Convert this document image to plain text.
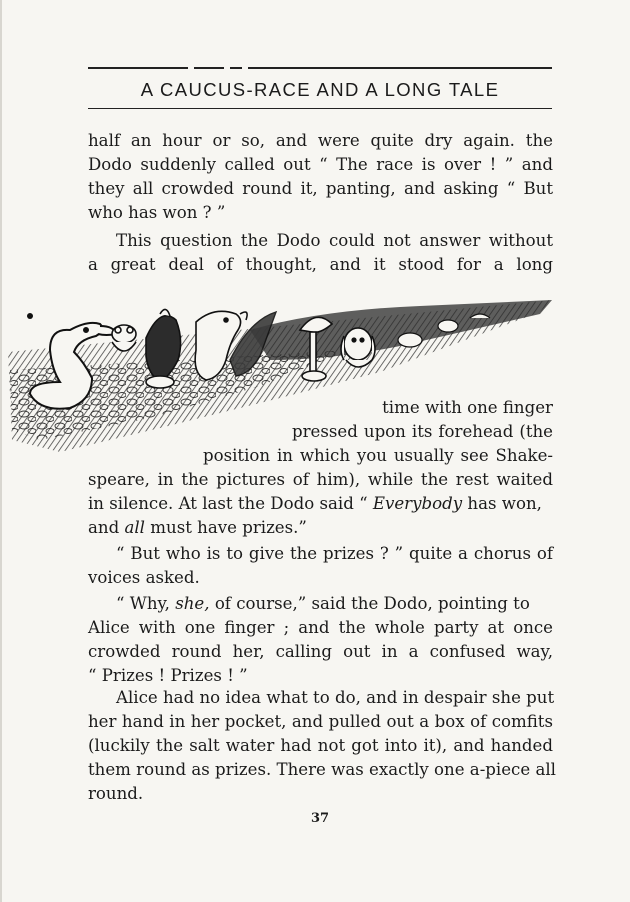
A CAUCUS-RACE AND A LONG TALE
half an hour or so, and were quite dry again. the
Dodo suddenly called out “ The race is over ! ” and
they all crowded round it, panting, and asking “ But
who has won ? ”
This question the Dodo could not answer without
a great deal of thought, and it stood for a long
time with one finger
pressed upon its forehead (the
position in which you usually see Shake-
speare, in the pictures of him), while the rest waited
in silence. At last the Dodo said “ Everybody has won,
and all must have prizes.”
“ But who is to give the prizes ? ” quite a chorus of
voices asked.
“ Why, she, of course,” said the Dodo, pointing to
Alice with one finger ; and the whole party at once
crowded round her, calling out in a confused way,
“ Prizes ! Prizes ! ”
Alice had no idea what to do, and in despair she put
her hand in her pocket, and pulled out a box of comfits
(luckily the salt water had not got into it), and handed
them round as prizes. There was exactly one a-piece all
round.
37
